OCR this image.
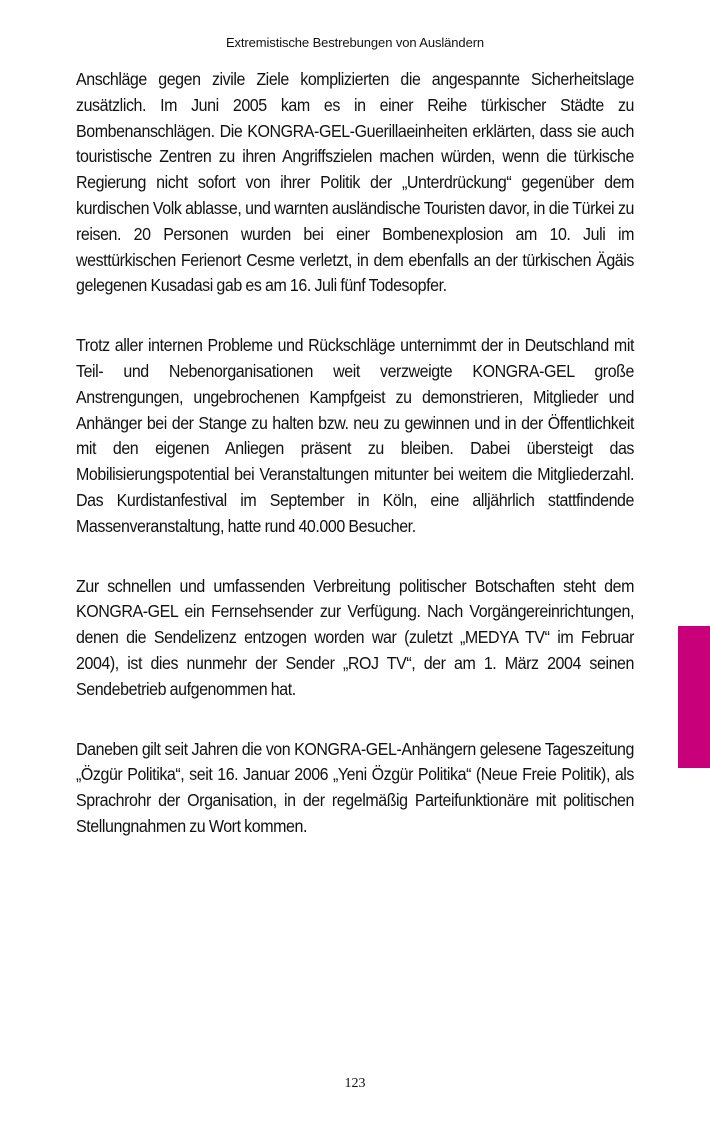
Extremistische Bestrebungen von Ausländern

Anschläge gegen zivile Ziele komplizierten die angespannte Sicherheitslage zusätzlich. Im Juni 2005 kam es in einer Reihe türkischer Städte zu Bombenanschlägen. Die KONGRA-GEL-Guerillaeinheiten erklärten, dass sie auch touristische Zentren zu ihren Angriffszielen machen würden, wenn die türkische Regierung nicht sofort von ihrer Politik der „Unterdrückung“ gegenüber dem kurdischen Volk ablasse, und warnten ausländische Touristen davor, in die Türkei zu reisen. 20 Personen wurden bei einer Bombenexplosion am 10. Juli im westtürkischen Ferienort Cesme verletzt, in dem ebenfalls an der türkischen Ägäis gelegenen Kusadasi gab es am 16. Juli fünf Todesopfer.

Trotz aller internen Probleme und Rückschläge unternimmt der in Deutschland mit Teil- und Nebenorganisationen weit verzweigte KONGRA-GEL große Anstrengungen, ungebrochenen Kampfgeist zu demonstrieren, Mitglieder und Anhänger bei der Stange zu halten bzw. neu zu gewinnen und in der Öffentlichkeit mit den eigenen Anliegen präsent zu bleiben. Dabei übersteigt das Mobilisierungspotential bei Veranstaltungen mitunter bei weitem die Mitgliederzahl. Das Kurdistanfestival im September in Köln, eine alljährlich stattfindende Massenveranstaltung, hatte rund 40.000 Besucher.

Zur schnellen und umfassenden Verbreitung politischer Botschaften steht dem KONGRA-GEL ein Fernsehsender zur Verfügung. Nach Vorgängereinrichtungen, denen die Sendelizenz entzogen worden war (zuletzt „MEDYA TV“ im Februar 2004), ist dies nunmehr der Sender „ROJ TV“, der am 1. März 2004 seinen Sendebetrieb aufgenommen hat.

Daneben gilt seit Jahren die von KONGRA-GEL-Anhängern gelesene Tageszeitung „Özgür Politika“, seit 16. Januar 2006 „Yeni Özgür Politika“ (Neue Freie Politik), als Sprachrohr der Organisation, in der regelmäßig Parteifunktionäre mit politischen Stellungnahmen zu Wort kommen.

123
